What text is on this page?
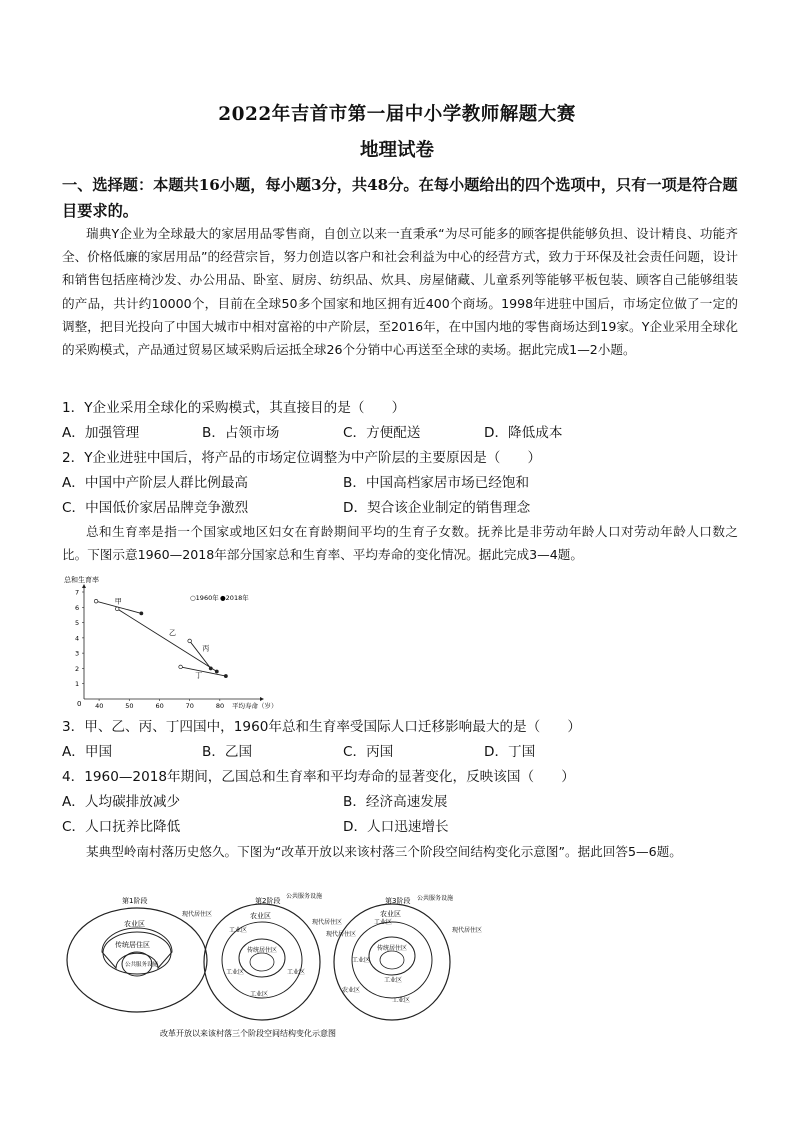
2022年吉首市第一届中小学教师解题大赛
地理试卷
一、选择题：本题共16小题，每小题3分，共48分。在每小题给出的四个选项中，只有一项是符合题目要求的。
瑞典Y企业为全球最大的家居用品零售商，自创立以来一直秉承“为尽可能多的顾客提供能够负担、设计精良、功能齐全、价格低廉的家居用品”的经营宗旨，努力创造以客户和社会利益为中心的经营方式，致力于环保及社会责任问题，设计和销售包括座椅沙发、办公用品、卧室、厨房、纺织品、炊具、房屋储藏、儿童系列等能够平板包装、顾客自己能够组装的产品，共计约10000个，目前在全球50多个国家和地区拥有近400个商场。1998年进驻中国后，市场定位做了一定的调整，把目光投向了中国大城市中相对富裕的中产阶层，至2016年，在中国内地的零售商场达到19家。Y企业采用全球化的采购模式，产品通过贸易区域采购后运抵全球26个分销中心再送至全球的卖场。据此完成1—2小题。
1．Y企业采用全球化的采购模式，其直接目的是（　　）
A．加强管理	B．占领市场	C．方便配送	D．降低成本
2．Y企业进驻中国后，将产品的市场定位调整为中产阶层的主要原因是（　　）
A．中国中产阶层人群比例最高	B．中国高档家居市场已经饱和
C．中国低价家居品牌竞争激烈	D．契合该企业制定的销售理念
总和生育率是指一个国家或地区妇女在育龄期间平均的生育子女数。抚养比是非劳动年龄人口对劳动年龄人口数之比。下图示意1960—2018年部分国家总和生育率、平均寿命的变化情况。据此完成3—4题。
总和生育率
平均寿命（岁）
0
○1960年 ●2018年
40	50	60	70	80
1
2
3
4
5
6
7
甲
乙
丙
丁
3．甲、乙、丙、丁四国中，1960年总和生育率受国际人口迁移影响最大的是（　　）
A．甲国	B．乙国	C．丙国	D．丁国
4．1960—2018年期间，乙国总和生育率和平均寿命的显著变化，反映该国（　　）
A．人均碳排放减少	B．经济高速发展
C．人口抚养比降低	D．人口迅速增长
某典型岭南村落历史悠久。下图为“改革开放以来该村落三个阶段空间结构变化示意图”。据此回答5—6题。
第1阶段
农业区
传统居住区
公共服务设施
第2阶段
农业区
传统居住区
公共服务设施
现代居住区
现代居住区
工业区
工业区
工业区
工业区
第3阶段
农业区
传统居住区
公共服务设施
现代居住区
现代居住区
工业区
工业区
工业区
工业区
农业区
改革开放以来该村落三个阶段空间结构变化示意图
